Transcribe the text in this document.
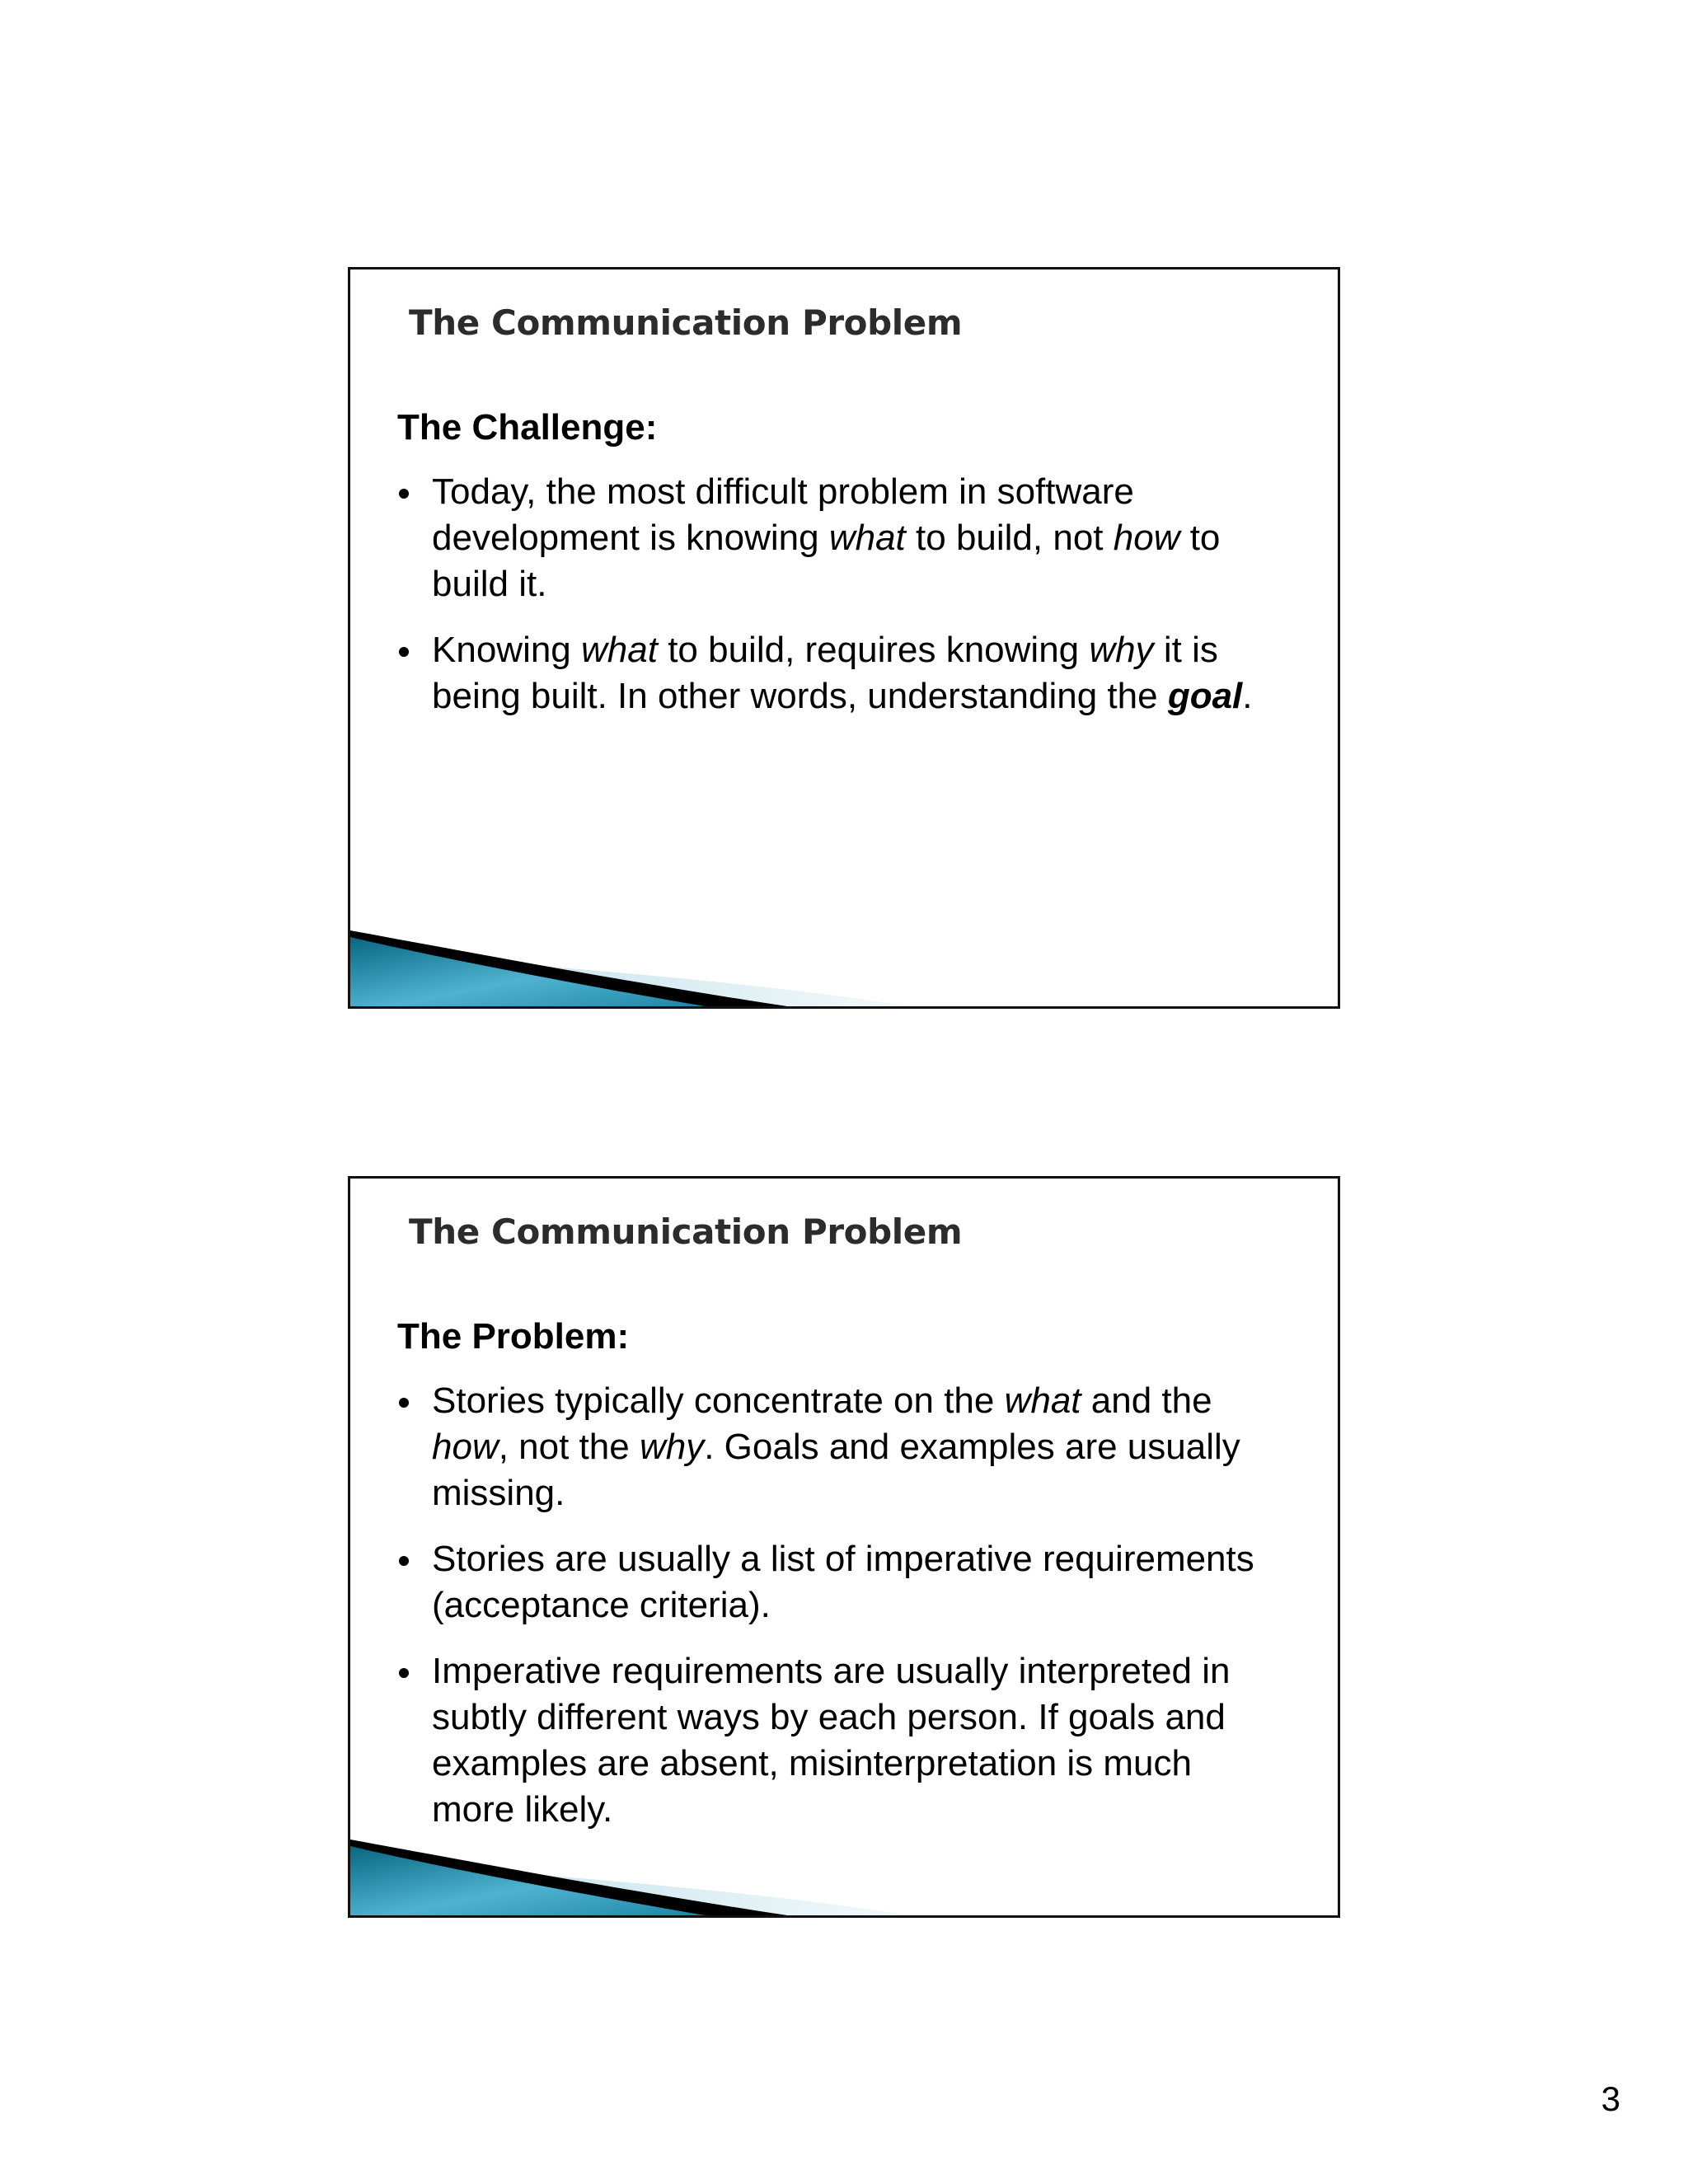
The Communication Problem

The Challenge:

Today, the most difficult problem in software development is knowing what to build, not how to build it.
Knowing what to build, requires knowing why it is being built. In other words, understanding the goal.
The Communication Problem

The Problem:

Stories typically concentrate on the what and the how, not the why. Goals and examples are usually missing.
Stories are usually a list of imperative requirements (acceptance criteria).
Imperative requirements are usually interpreted in subtly different ways by each person. If goals and examples are absent, misinterpretation is much more likely.

3
